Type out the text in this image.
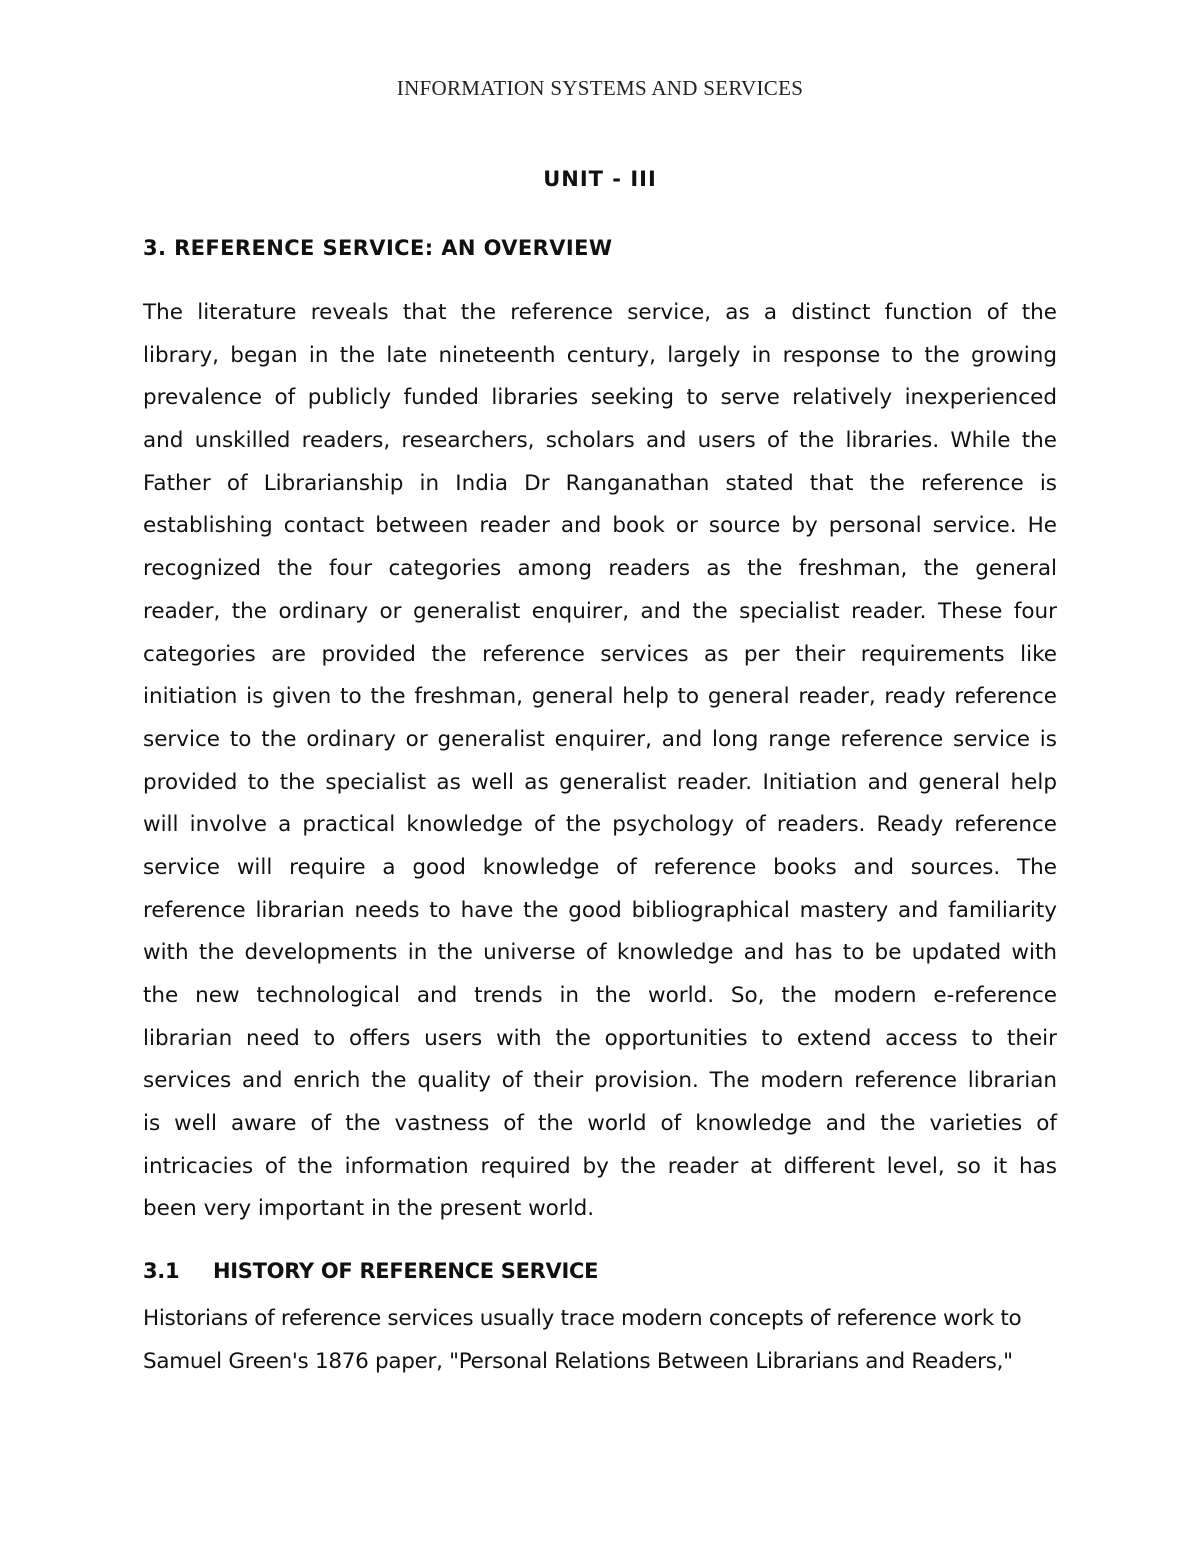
INFORMATION SYSTEMS AND SERVICES
UNIT - III
3. REFERENCE SERVICE: AN OVERVIEW
The literature reveals that the reference service, as a distinct function of the
library, began in the late nineteenth century, largely in response to the growing
prevalence of publicly funded libraries seeking to serve relatively inexperienced
and unskilled readers, researchers, scholars and users of the libraries. While the
Father of Librarianship in India Dr Ranganathan stated that the reference is
establishing contact between reader and book or source by personal service. He
recognized the four categories among readers as the freshman, the general
reader, the ordinary or generalist enquirer, and the specialist reader. These four
categories are provided the reference services as per their requirements like
initiation is given to the freshman, general help to general reader, ready reference
service to the ordinary or generalist enquirer, and long range reference service is
provided to the specialist as well as generalist reader. Initiation and general help
will involve a practical knowledge of the psychology of readers. Ready reference
service will require a good knowledge of reference books and sources. The
reference librarian needs to have the good bibliographical mastery and familiarity
with the developments in the universe of knowledge and has to be updated with
the new technological and trends in the world. So, the modern e-reference
librarian need to offers users with the opportunities to extend access to their
services and enrich the quality of their provision. The modern reference librarian
is well aware of the vastness of the world of knowledge and the varieties of
intricacies of the information required by the reader at different level, so it has
been very important in the present world.
3.1 HISTORY OF REFERENCE SERVICE
Historians of reference services usually trace modern concepts of reference work to
Samuel Green's 1876 paper, "Personal Relations Between Librarians and Readers,"
